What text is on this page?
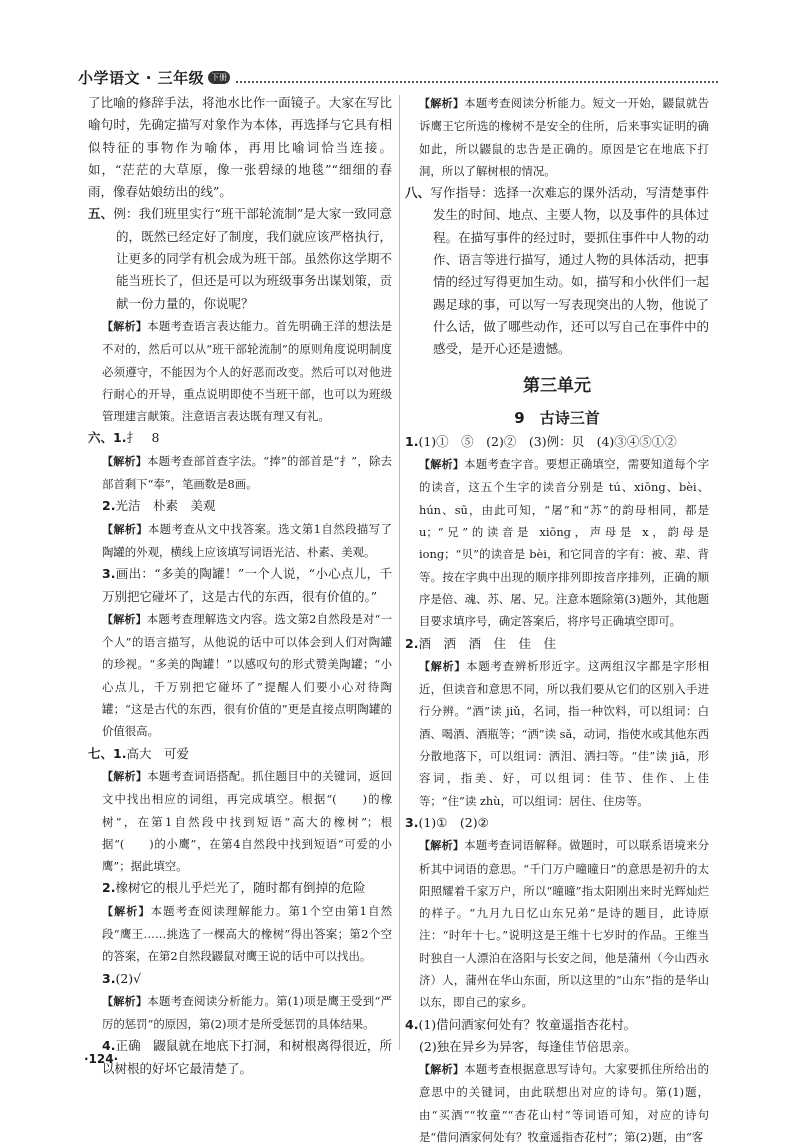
小学语文 · 三年级 下册

了比喻的修辞手法，将池水比作一面镜子。大家在写比喻句时，先确定描写对象作为本体，再选择与它具有相似特征的事物作为喻体，再用比喻词恰当连接。如，“茫茫的大草原，像一张碧绿的地毯”“细细的春雨，像春姑娘纺出的线”。

五、例：我们班里实行“班干部轮流制”是大家一致同意的，既然已经定好了制度，我们就应该严格执行，让更多的同学有机会成为班干部。虽然你这学期不能当班长了，但还是可以为班级事务出谋划策，贡献一份力量的，你说呢？

【解析】本题考查语言表达能力。首先明确王洋的想法是不对的，然后可以从“班干部轮流制”的原则角度说明制度必须遵守，不能因为个人的好恶而改变。然后可以对他进行耐心的开导，重点说明即使不当班干部，也可以为班级管理建言献策。注意语言表达既有理又有礼。

六、1.扌　8

【解析】本题考查部首查字法。“捧”的部首是“扌”，除去部首剩下“奉”，笔画数是8画。

2.光洁　朴素　美观

【解析】本题考查从文中找答案。选文第1自然段描写了陶罐的外观，横线上应该填写词语光洁、朴素、美观。

3.画出：“多美的陶罐！”一个人说，“小心点儿，千万别把它碰坏了，这是古代的东西，很有价值的。”

【解析】本题考查理解选文内容。选文第2自然段是对“一个人”的语言描写，从他说的话中可以体会到人们对陶罐的珍视。“多美的陶罐！”以感叹句的形式赞美陶罐；“小心点儿，千万别把它碰坏了”提醒人们要小心对待陶罐；“这是古代的东西，很有价值的”更是直接点明陶罐的价值很高。

七、1.高大　可爱

【解析】本题考查词语搭配。抓住题目中的关键词，返回文中找出相应的词组，再完成填空。根据“(　　)的橡树”，在第1自然段中找到短语“高大的橡树”；根据“(　　)的小鹰”，在第4自然段中找到短语“可爱的小鹰”；据此填空。

2.橡树它的根儿乎烂光了，随时都有倒掉的危险

【解析】本题考查阅读理解能力。第1个空由第1自然段“鹰王……挑选了一棵高大的橡树”得出答案；第2个空的答案，在第2自然段鼹鼠对鹰王说的话中可以找出。

3.(2)√

【解析】本题考查阅读分析能力。第(1)项是鹰王受到“严厉的惩罚”的原因，第(2)项才是所受惩罚的具体结果。

4.正确　鼹鼠就在地底下打洞，和树根离得很近，所以树根的好坏它最清楚了。

【解析】本题考查阅读分析能力。短文一开始，鼹鼠就告诉鹰王它所选的橡树不是安全的住所，后来事实证明的确如此，所以鼹鼠的忠告是正确的。原因是它在地底下打洞，所以了解树根的情况。

八、写作指导：选择一次难忘的课外活动，写清楚事件发生的时间、地点、主要人物，以及事件的具体过程。在描写事件的经过时，要抓住事件中人物的动作、语言等进行描写，通过人物的具体活动，把事情的经过写得更加生动。如，描写和小伙伴们一起踢足球的事，可以写一写表现突出的人物，他说了什么话，做了哪些动作，还可以写自己在事件中的感受，是开心还是遗憾。

第三单元

9　古诗三首

1.(1)①　⑤　(2)②　(3)例：贝　(4)③④⑤①②

【解析】本题考查字音。要想正确填空，需要知道每个字的读音，这五个生字的读音分别是 tú、xiōng、bèi、hún、sū，由此可知，“屠”和“苏”的韵母相同，都是 u；“兄”的读音是 xiōng，声母是 x，韵母是 iong；“贝”的读音是 bèi，和它同音的字有：被、辈、背等。按在字典中出现的顺序排列即按音序排列，正确的顺序是倍、魂、苏、屠、兄。注意本题除第(3)题外，其他题目要求填序号，确定答案后，将序号正确填空即可。

2.酒　洒　酒　住　佳　住

【解析】本题考查辨析形近字。这两组汉字都是字形相近，但读音和意思不同，所以我们要从它们的区别入手进行分辨。“酒”读 jiǔ，名词，指一种饮料，可以组词：白酒、喝酒、酒瓶等；“洒”读 sǎ，动词，指使水或其他东西分散地落下，可以组词：洒泪、洒扫等。“佳”读 jiā，形容词，指美、好，可以组词：佳节、佳作、上佳等；“住”读 zhù，可以组词：居住、住房等。

3.(1)①　(2)②

【解析】本题考查词语解释。做题时，可以联系语境来分析其中词语的意思。“千门万户曈曈日”的意思是初升的太阳照耀着千家万户，所以“曈曈”指太阳刚出来时光辉灿烂的样子。“九月九日忆山东兄弟”是诗的题目，此诗原注：“时年十七。”说明这是王维十七岁时的作品。王维当时独自一人漂泊在洛阳与长安之间，他是蒲州（今山西永济）人，蒲州在华山东面，所以这里的“山东”指的是华山以东，即自己的家乡。

4.(1)借问酒家何处有？牧童遥指杏花村。

(2)独在异乡为异客，每逢佳节倍思亲。

【解析】本题考查根据意思写诗句。大家要抓住所给出的意思中的关键词，由此联想出对应的诗句。第(1)题，由“买酒”“牧童”“杏花山村”等词语可知，对应的诗句是“借问酒家何处有？牧童遥指杏花村”；第(2)题，由“客

·124·
